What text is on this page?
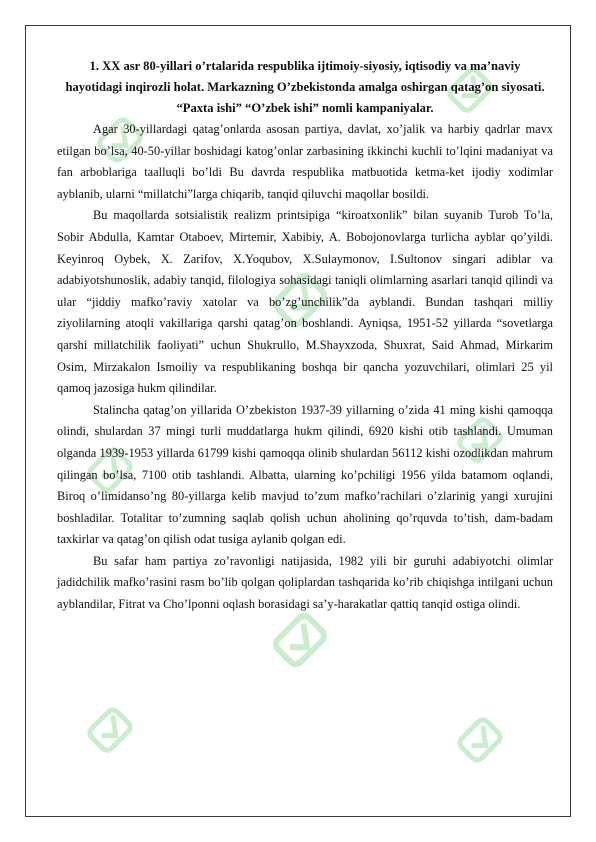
1. XX asr 80-yillari o’rtalarida respublika ijtimoiy-siyosiy, iqtisodiy va ma’naviy hayotidagi inqirozli holat. Markazning O’zbekistonda amalga oshirgan qatag’on siyosati. “Paxta ishi” “O’zbek ishi” nomli kampaniyalar.

Agar 30-yillardagi qatag’onlarda asosan partiya, davlat, xo’jalik va harbiy qadrlar mavx etilgan bo’lsa, 40-50-yillar boshidagi katog’onlar zarbasining ikkinchi kuchli to’lqini madaniyat va fan arboblariga taalluqli bo’ldi Bu davrda respublika matbuotida ketma-ket ijodiy xodimlar ayblanib, ularni “millatchi”larga chiqarib, tanqid qiluvchi maqollar bosildi.

Bu maqollarda sotsialistik realizm printsipiga “kiroatxonlik” bilan suyanib Turob To’la, Sobir Abdulla, Kamtar Otaboev, Mirtemir, Xabibiy, A. Bobojonovlarga turlicha ayblar qo’yildi. Keyinroq Oybek, X. Zarifov, X.Yoqubov, X.Sulaymonov, I.Sultonov singari adiblar va adabiyotshunoslik, adabiy tanqid, filologiya sohasidagi taniqli olimlarning asarlari tanqid qilindi va ular “jiddiy mafko’raviy xatolar va bo’zg’unchilik”da ayblandi. Bundan tashqari milliy ziyolilarning atoqli vakillariga qarshi qatag’on boshlandi. Ayniqsa, 1951-52 yillarda “sovetlarga qarshi millatchilik faoliyati” uchun Shukrullo, M.Shayxzoda, Shuxrat, Said Ahmad, Mirkarim Osim, Mirzakalon Ismoiliy va respublikaning boshqa bir qancha yozuvchilari, olimlari 25 yil qamoq jazosiga hukm qilindilar.

Stalincha qatag’on yillarida O’zbekiston 1937-39 yillarning o’zida 41 ming kishi qamoqqa olindi, shulardan 37 mingi turli muddatlarga hukm qilindi, 6920 kishi otib tashlandi. Umuman olganda 1939-1953 yillarda 61799 kishi qamoqqa olinib shulardan 56112 kishi ozodlikdan mahrum qilingan bo’lsa, 7100 otib tashlandi. Albatta, ularning ko’pchiligi 1956 yilda batamom oqlandi, Biroq o’limidanso’ng 80-yillarga kelib mavjud to’zum mafko’rachilari o’zlarinig yangi xurujini boshladilar. Totalitar to’zumning saqlab qolish uchun aholining qo’rquvda to’tish, dam-badam taxkirlar va qatag’on qilish odat tusiga aylanib qolgan edi.

Bu safar ham partiya zo’ravonligi natijasida, 1982 yili bir guruhi adabiyotchi olimlar jadidchilik mafko’rasini rasm bo’lib qolgan qoliplardan tashqarida ko’rib chiqishga intilgani uchun ayblandilar, Fitrat va Cho’lponni oqlash borasidagi sa’y-harakatlar qattiq tanqid ostiga olindi.
